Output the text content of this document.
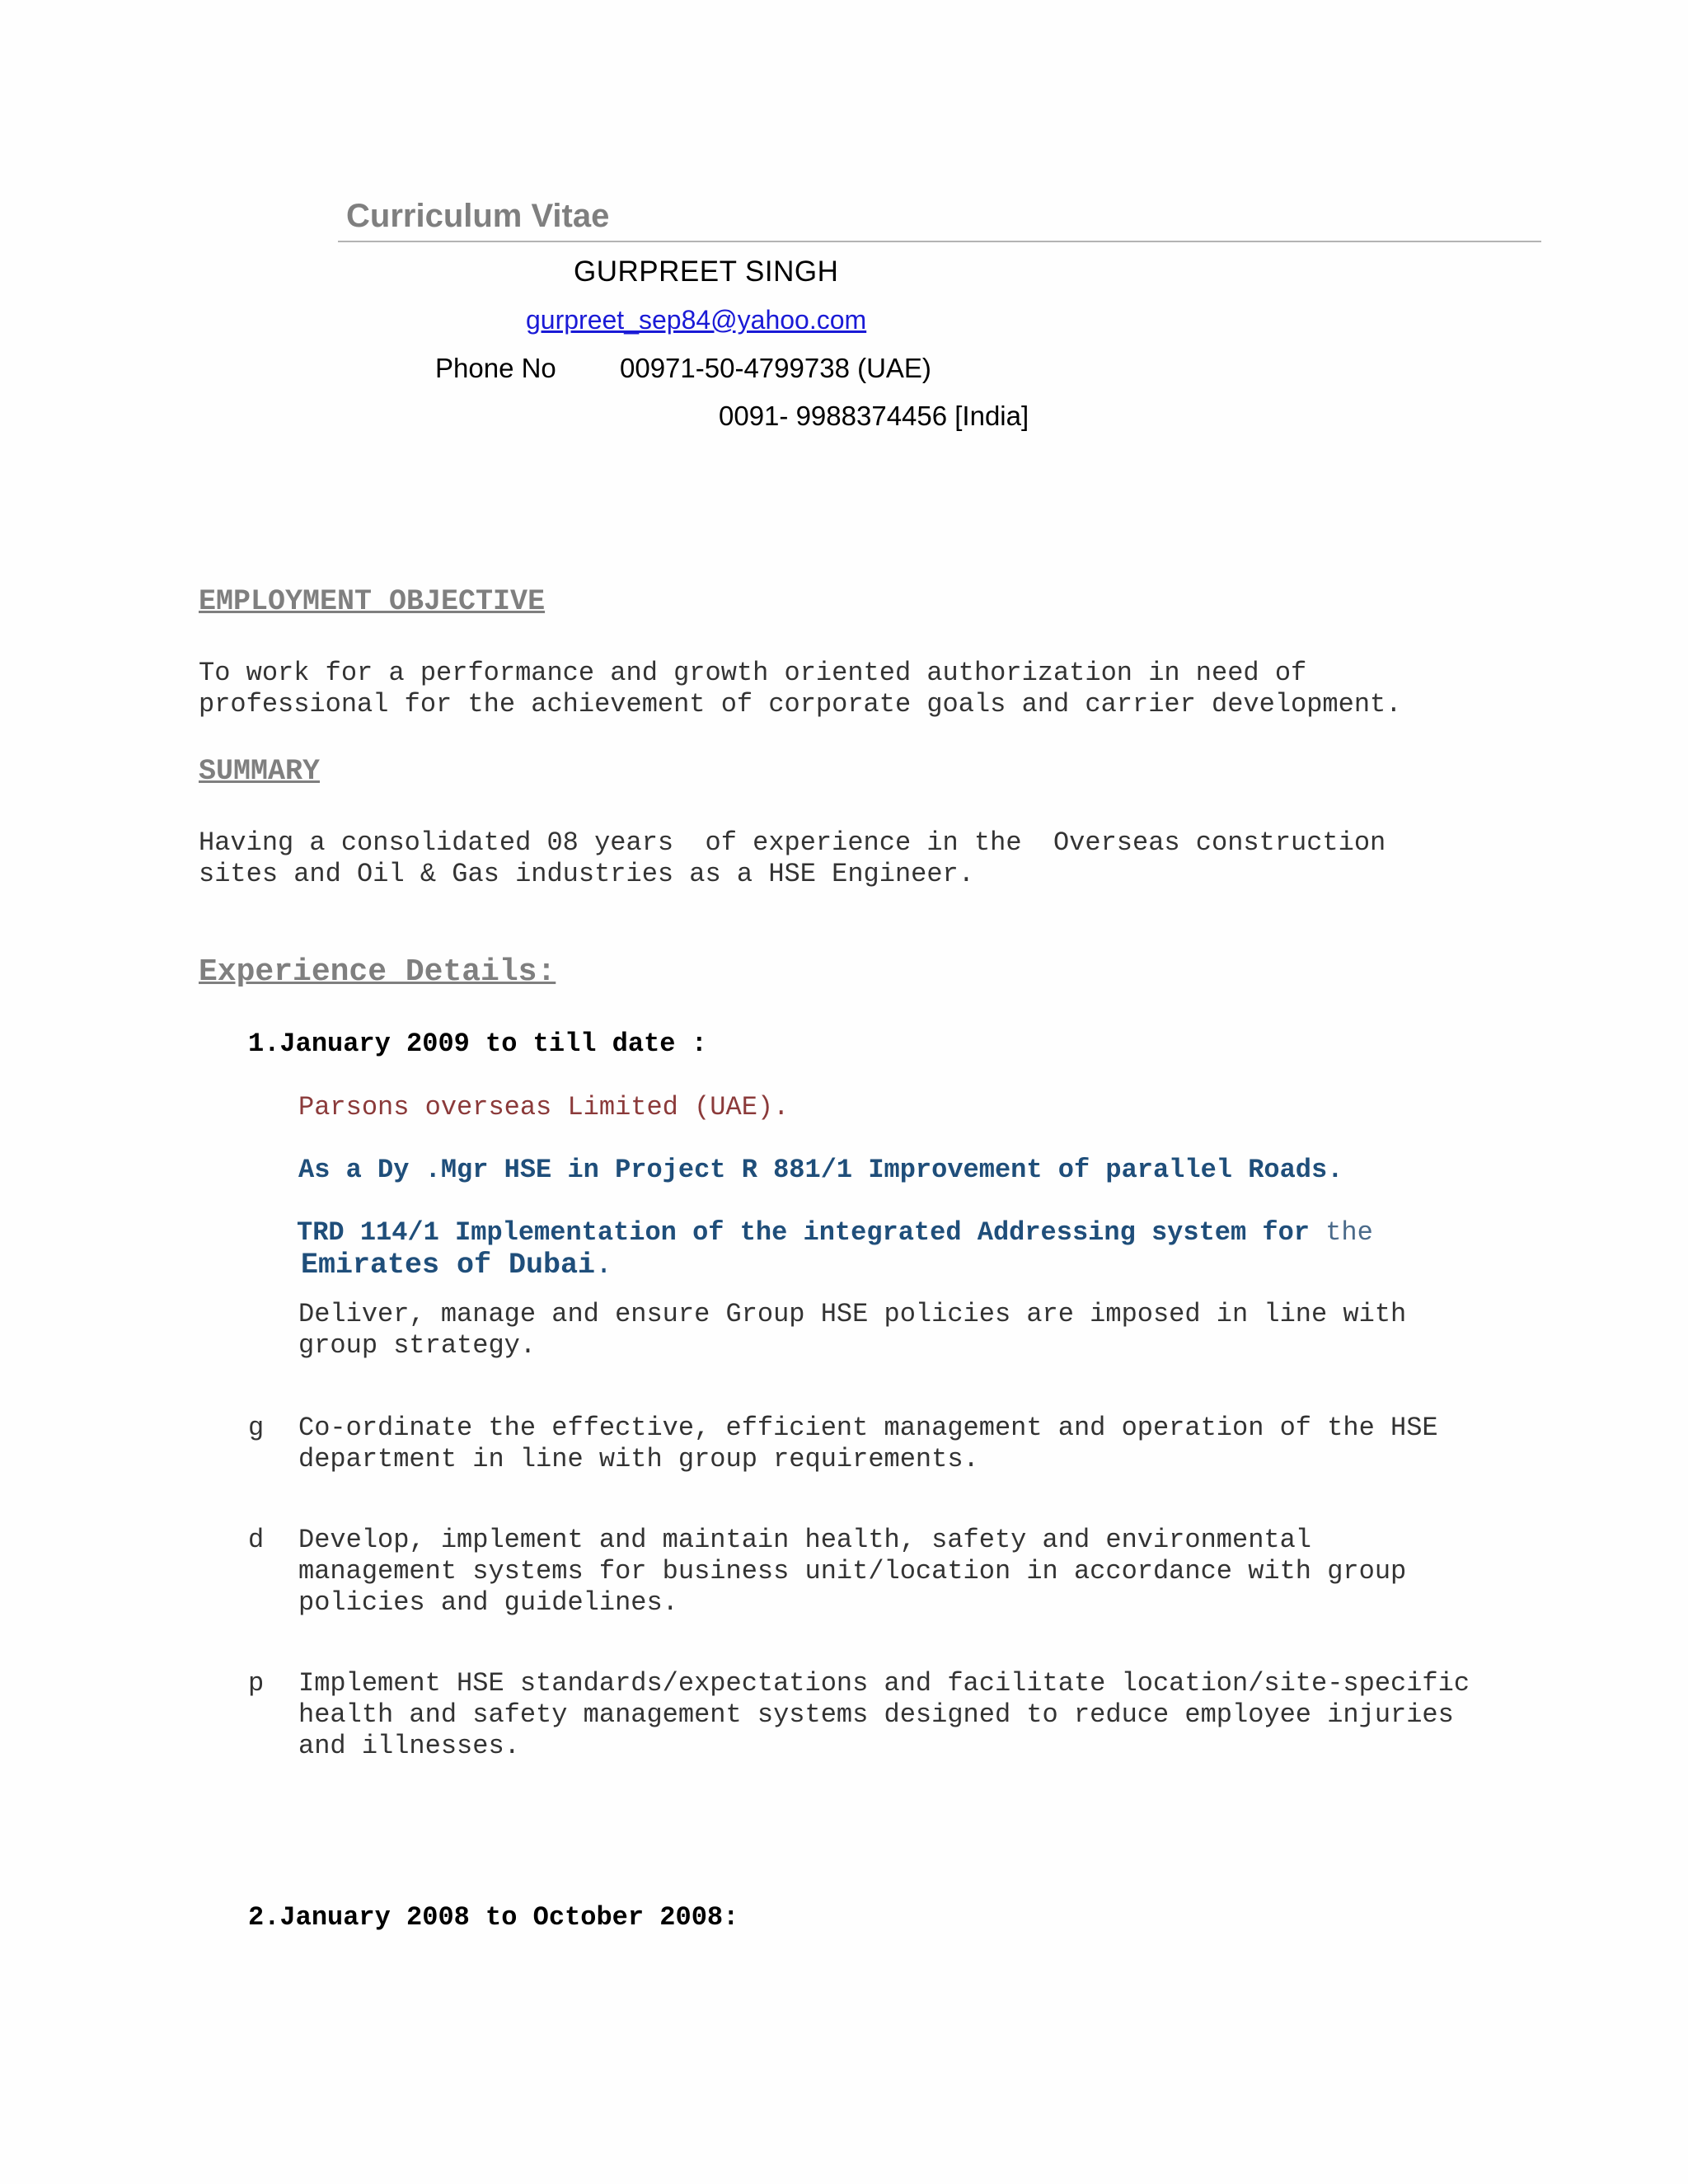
Curriculum Vitae
GURPREET SINGH
gurpreet_sep84@yahoo.com
Phone No 00971-50-4799738 (UAE)
0091- 9988374456 [India]
EMPLOYMENT OBJECTIVE
To work for a performance and growth oriented authorization in need of
professional for the achievement of corporate goals and carrier development.
SUMMARY
Having a consolidated 08 years  of experience in the  Overseas construction
sites and Oil & Gas industries as a HSE Engineer.
Experience Details:
1.January 2009 to till date :
Parsons overseas Limited (UAE).
As a Dy .Mgr HSE in Project R 881/1 Improvement of parallel Roads.
TRD 114/1 Implementation of the integrated Addressing system for the
Emirates of Dubai.
Deliver, manage and ensure Group HSE policies are imposed in line with
group strategy.
g Co-ordinate the effective, efficient management and operation of the HSE
department in line with group requirements.
d Develop, implement and maintain health, safety and environmental
management systems for business unit/location in accordance with group
policies and guidelines.
p Implement HSE standards/expectations and facilitate location/site-specific
health and safety management systems designed to reduce employee injuries
and illnesses.
2.January 2008 to October 2008:
